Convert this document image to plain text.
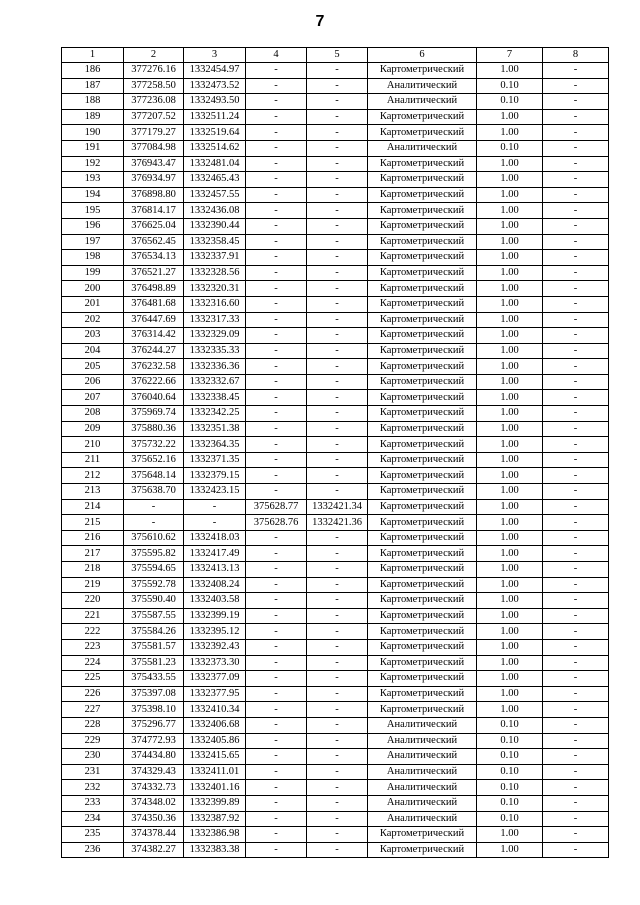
7
1	2	3	4	5	6	7	8
186	377276.16	1332454.97	-	-	Картометрический	1.00	-
187	377258.50	1332473.52	-	-	Аналитический	0.10	-
188	377236.08	1332493.50	-	-	Аналитический	0.10	-
189	377207.52	1332511.24	-	-	Картометрический	1.00	-
190	377179.27	1332519.64	-	-	Картометрический	1.00	-
191	377084.98	1332514.62	-	-	Аналитический	0.10	-
192	376943.47	1332481.04	-	-	Картометрический	1.00	-
193	376934.97	1332465.43	-	-	Картометрический	1.00	-
194	376898.80	1332457.55	-	-	Картометрический	1.00	-
195	376814.17	1332436.08	-	-	Картометрический	1.00	-
196	376625.04	1332390.44	-	-	Картометрический	1.00	-
197	376562.45	1332358.45	-	-	Картометрический	1.00	-
198	376534.13	1332337.91	-	-	Картометрический	1.00	-
199	376521.27	1332328.56	-	-	Картометрический	1.00	-
200	376498.89	1332320.31	-	-	Картометрический	1.00	-
201	376481.68	1332316.60	-	-	Картометрический	1.00	-
202	376447.69	1332317.33	-	-	Картометрический	1.00	-
203	376314.42	1332329.09	-	-	Картометрический	1.00	-
204	376244.27	1332335.33	-	-	Картометрический	1.00	-
205	376232.58	1332336.36	-	-	Картометрический	1.00	-
206	376222.66	1332332.67	-	-	Картометрический	1.00	-
207	376040.64	1332338.45	-	-	Картометрический	1.00	-
208	375969.74	1332342.25	-	-	Картометрический	1.00	-
209	375880.36	1332351.38	-	-	Картометрический	1.00	-
210	375732.22	1332364.35	-	-	Картометрический	1.00	-
211	375652.16	1332371.35	-	-	Картометрический	1.00	-
212	375648.14	1332379.15	-	-	Картометрический	1.00	-
213	375638.70	1332423.15	-	-	Картометрический	1.00	-
214	-	-	375628.77	1332421.34	Картометрический	1.00	-
215	-	-	375628.76	1332421.36	Картометрический	1.00	-
216	375610.62	1332418.03	-	-	Картометрический	1.00	-
217	375595.82	1332417.49	-	-	Картометрический	1.00	-
218	375594.65	1332413.13	-	-	Картометрический	1.00	-
219	375592.78	1332408.24	-	-	Картометрический	1.00	-
220	375590.40	1332403.58	-	-	Картометрический	1.00	-
221	375587.55	1332399.19	-	-	Картометрический	1.00	-
222	375584.26	1332395.12	-	-	Картометрический	1.00	-
223	375581.57	1332392.43	-	-	Картометрический	1.00	-
224	375581.23	1332373.30	-	-	Картометрический	1.00	-
225	375433.55	1332377.09	-	-	Картометрический	1.00	-
226	375397.08	1332377.95	-	-	Картометрический	1.00	-
227	375398.10	1332410.34	-	-	Картометрический	1.00	-
228	375296.77	1332406.68	-	-	Аналитический	0.10	-
229	374772.93	1332405.86	-	-	Аналитический	0.10	-
230	374434.80	1332415.65	-	-	Аналитический	0.10	-
231	374329.43	1332411.01	-	-	Аналитический	0.10	-
232	374332.73	1332401.16	-	-	Аналитический	0.10	-
233	374348.02	1332399.89	-	-	Аналитический	0.10	-
234	374350.36	1332387.92	-	-	Аналитический	0.10	-
235	374378.44	1332386.98	-	-	Картометрический	1.00	-
236	374382.27	1332383.38	-	-	Картометрический	1.00	-
